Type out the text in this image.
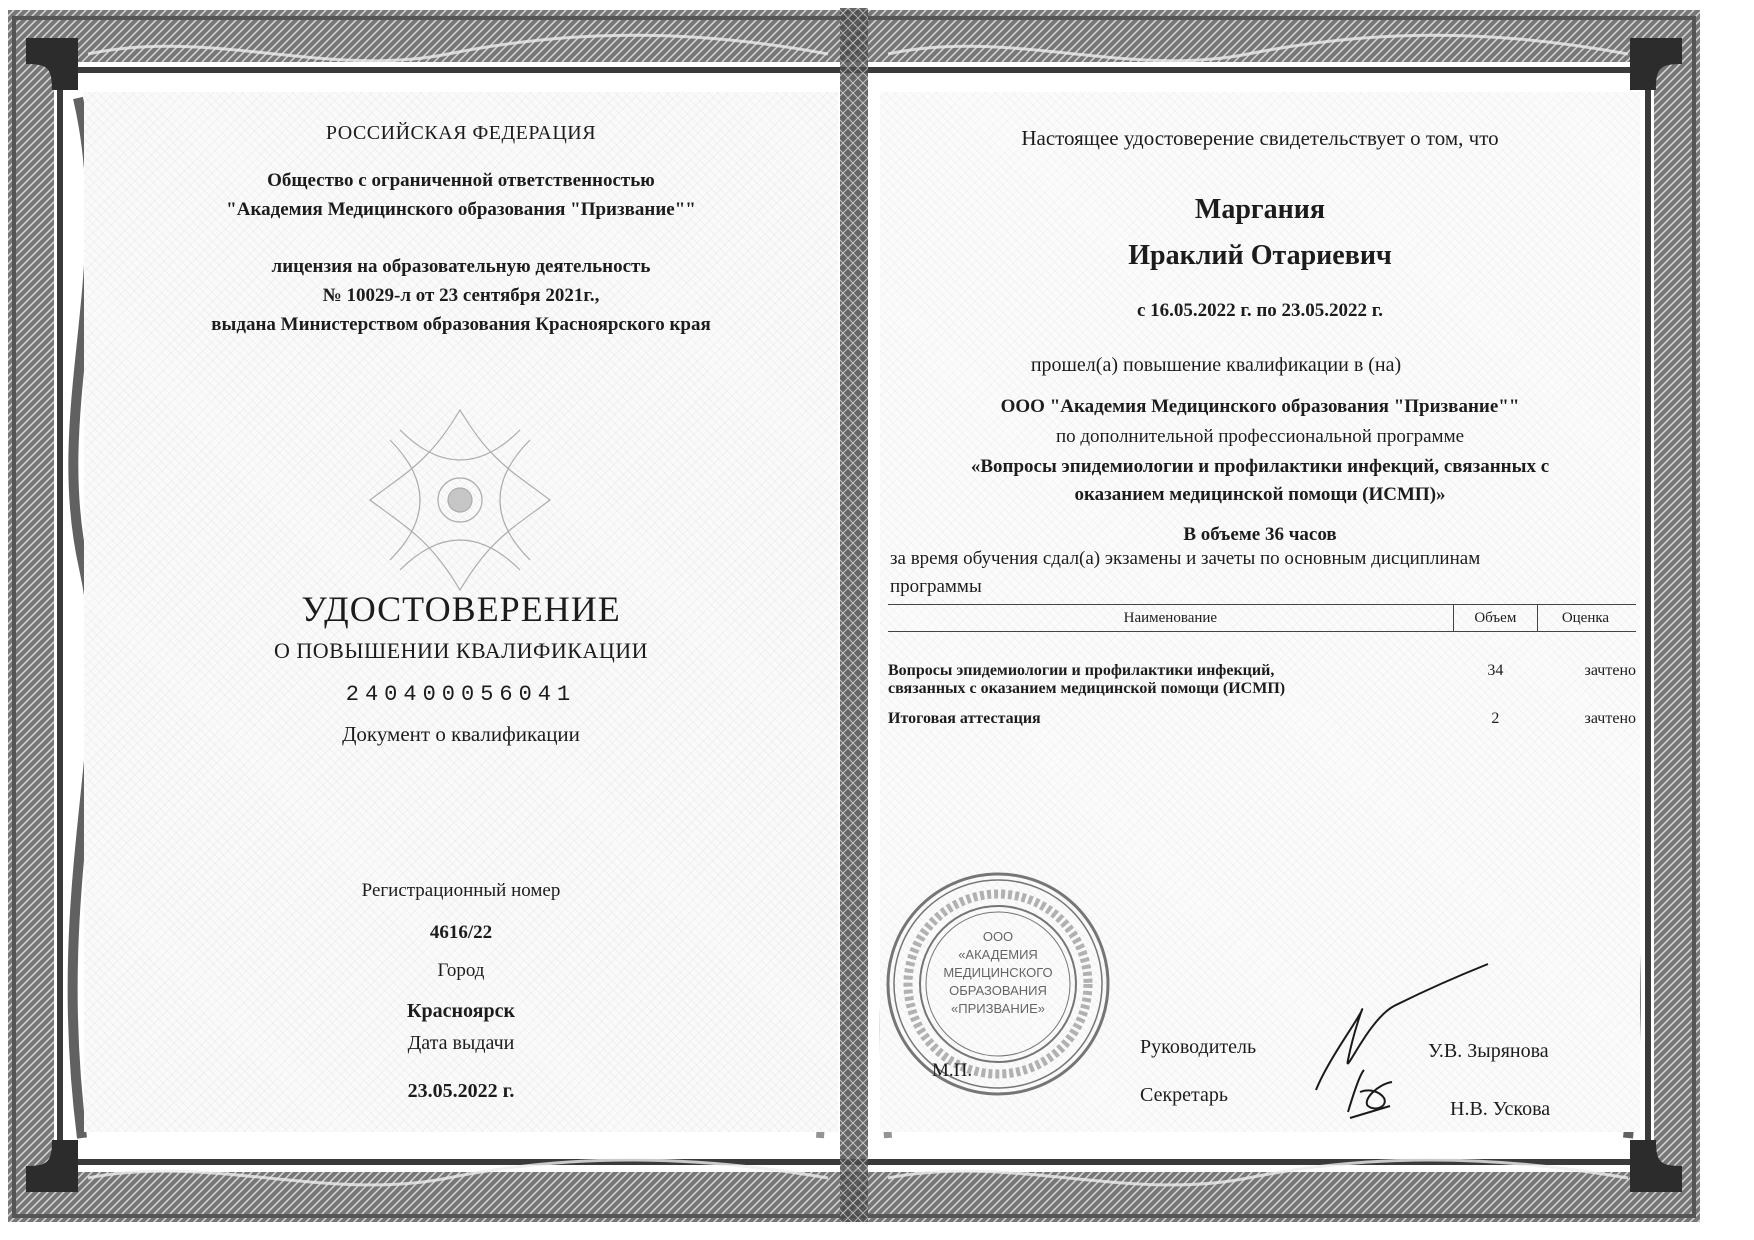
РОССИЙСКАЯ ФЕДЕРАЦИЯ
Общество с ограниченной ответственностью
"Академия Медицинского образования "Призвание""
лицензия на образовательную деятельность
№ 10029-л от 23 сентября 2021г.,
выдана Министерством образования Красноярского края
УДОСТОВЕРЕНИЕ
О ПОВЫШЕНИИ КВАЛИФИКАЦИИ
240400056041
Документ о квалификации
Регистрационный номер
4616/22
Город
Красноярск
Дата выдачи
23.05.2022 г.
Настоящее удостоверение свидетельствует о том, что
Маргания
Ираклий Отариевич
с 16.05.2022 г. по 23.05.2022 г.
прошел(а) повышение квалификации в (на)
ООО "Академия Медицинского образования "Призвание""
по дополнительной профессиональной программе
«Вопросы эпидемиологии и профилактики инфекций, связанных с
оказанием медицинской помощи (ИСМП)»
В объеме 36 часов
за время обучения сдал(а) экзамены и зачеты по основным дисциплинам
программы
Наименование	Объем	Оценка

Вопросы эпидемиологии и профилактики инфекций,
связанных с оказанием медицинской помощи (ИСМП)	34	зачтено

Итоговая аттестация	2	зачтено
ООО
«АКАДЕМИЯ
МЕДИЦИНСКОГО
ОБРАЗОВАНИЯ
«ПРИЗВАНИЕ»
М.П.
Руководитель
Секретарь
У.В. Зырянова
Н.В. Ускова
